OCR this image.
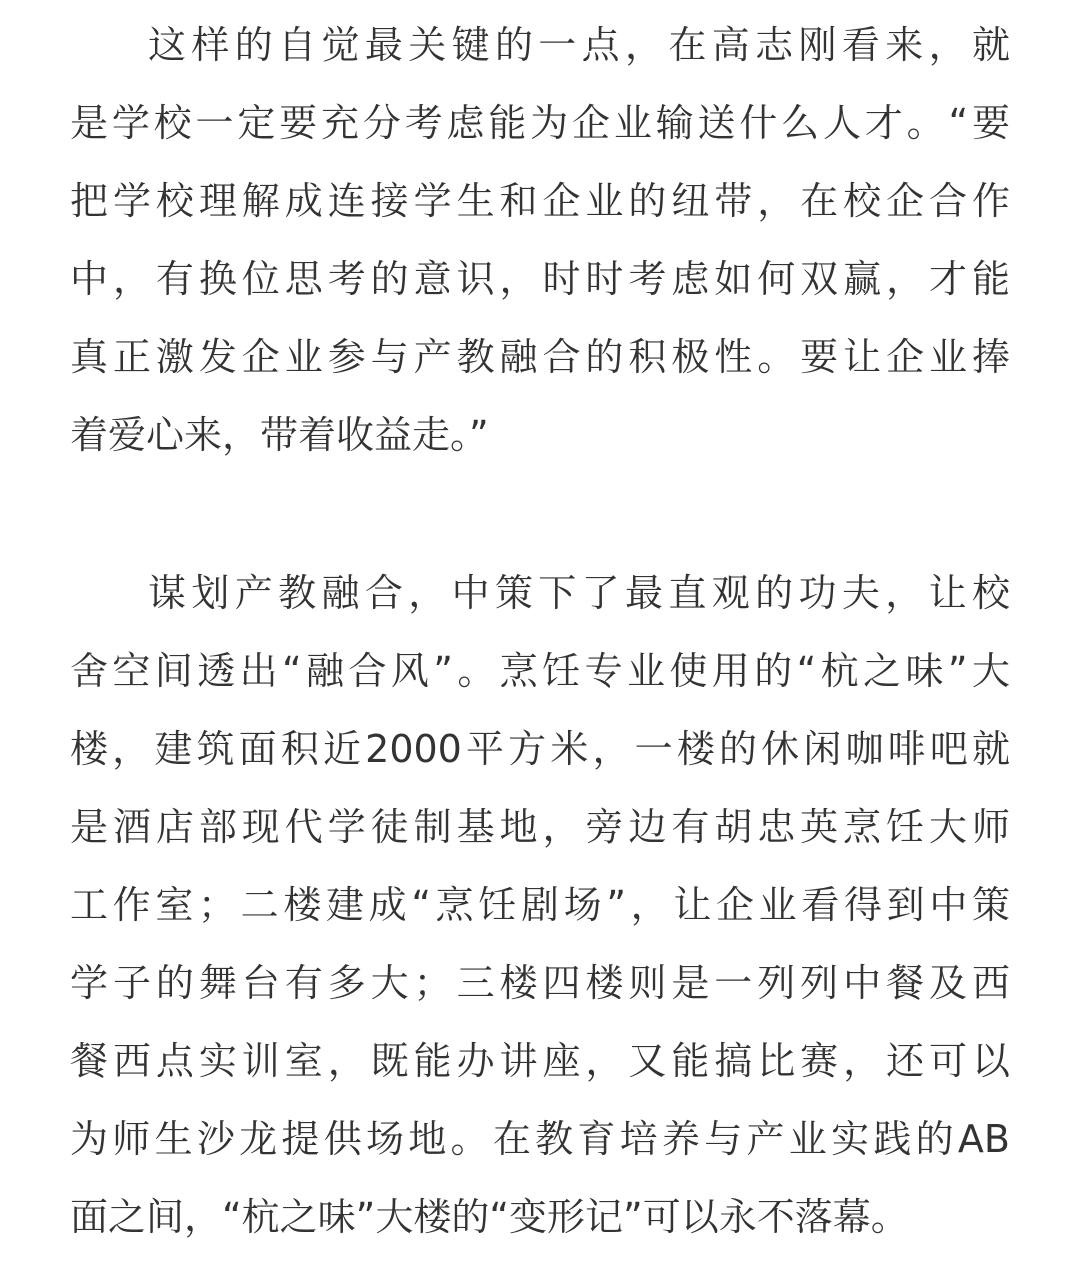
这样的自觉最关键的一点，在高志刚看来，就
是学校一定要充分考虑能为企业输送什么人才。“要
把学校理解成连接学生和企业的纽带，在校企合作
中，有换位思考的意识，时时考虑如何双赢，才能
真正激发企业参与产教融合的积极性。要让企业捧
着爱心来，带着收益走。”
谋划产教融合，中策下了最直观的功夫，让校
舍空间透出“融合风”。烹饪专业使用的“杭之味”大
楼，建筑面积近2000平方米，一楼的休闲咖啡吧就
是酒店部现代学徒制基地，旁边有胡忠英烹饪大师
工作室；二楼建成“烹饪剧场”，让企业看得到中策
学子的舞台有多大；三楼四楼则是一列列中餐及西
餐西点实训室，既能办讲座，又能搞比赛，还可以
为师生沙龙提供场地。在教育培养与产业实践的AB
面之间，“杭之味”大楼的“变形记”可以永不落幕。
